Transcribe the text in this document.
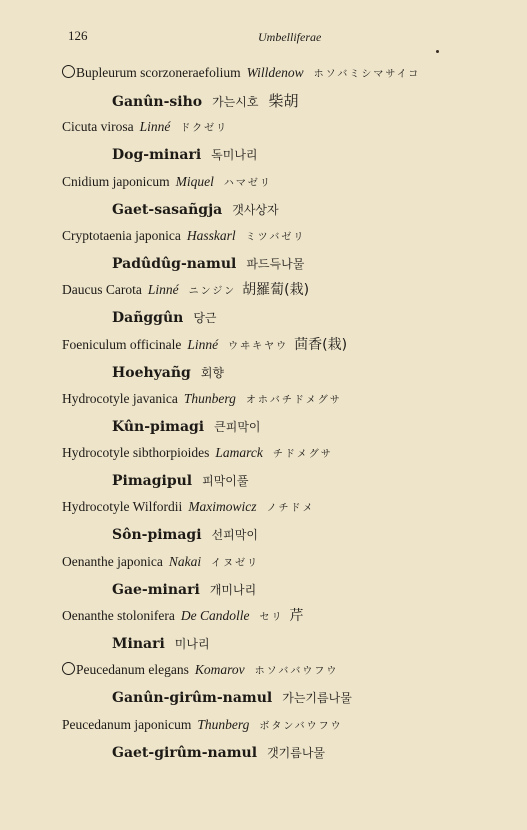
126	Umbelliferae
Bupleurum scorzoneraefolium Willdenow ホソバミシマサイコ
Ganûn-siho 가는시호 柴胡
Cicuta virosa Linné ドクゼリ
Dog-minari 독미나리
Cnidium japonicum Miquel ハマゼリ
Gaet-sasañgja 갯사상자
Cryptotaenia japonica Hasskarl ミツバゼリ
Padûdûg-namul 파드득나물
Daucus Carota Linné ニンジン 胡羅蔔(栽)
Dañggûn 당근
Foeniculum officinale Linné ウヰキヤウ 茴香(栽)
Hoehyañg 회향
Hydrocotyle javanica Thunberg オホバチドメグサ
Kûn-pimagi 큰피막이
Hydrocotyle sibthorpioides Lamarck チドメグサ
Pimagipul 피막이풀
Hydrocotyle Wilfordii Maximowicz ノチドメ
Sôn-pimagi 선피막이
Oenanthe japonica Nakai イヌゼリ
Gae-minari 개미나리
Oenanthe stolonifera De Candolle セリ 芹
Minari 미나리
Peucedanum elegans Komarov ホソババウフウ
Ganûn-girûm-namul 가는기름나물
Peucedanum japonicum Thunberg ボタンバウフウ
Gaet-girûm-namul 갯기름나물
